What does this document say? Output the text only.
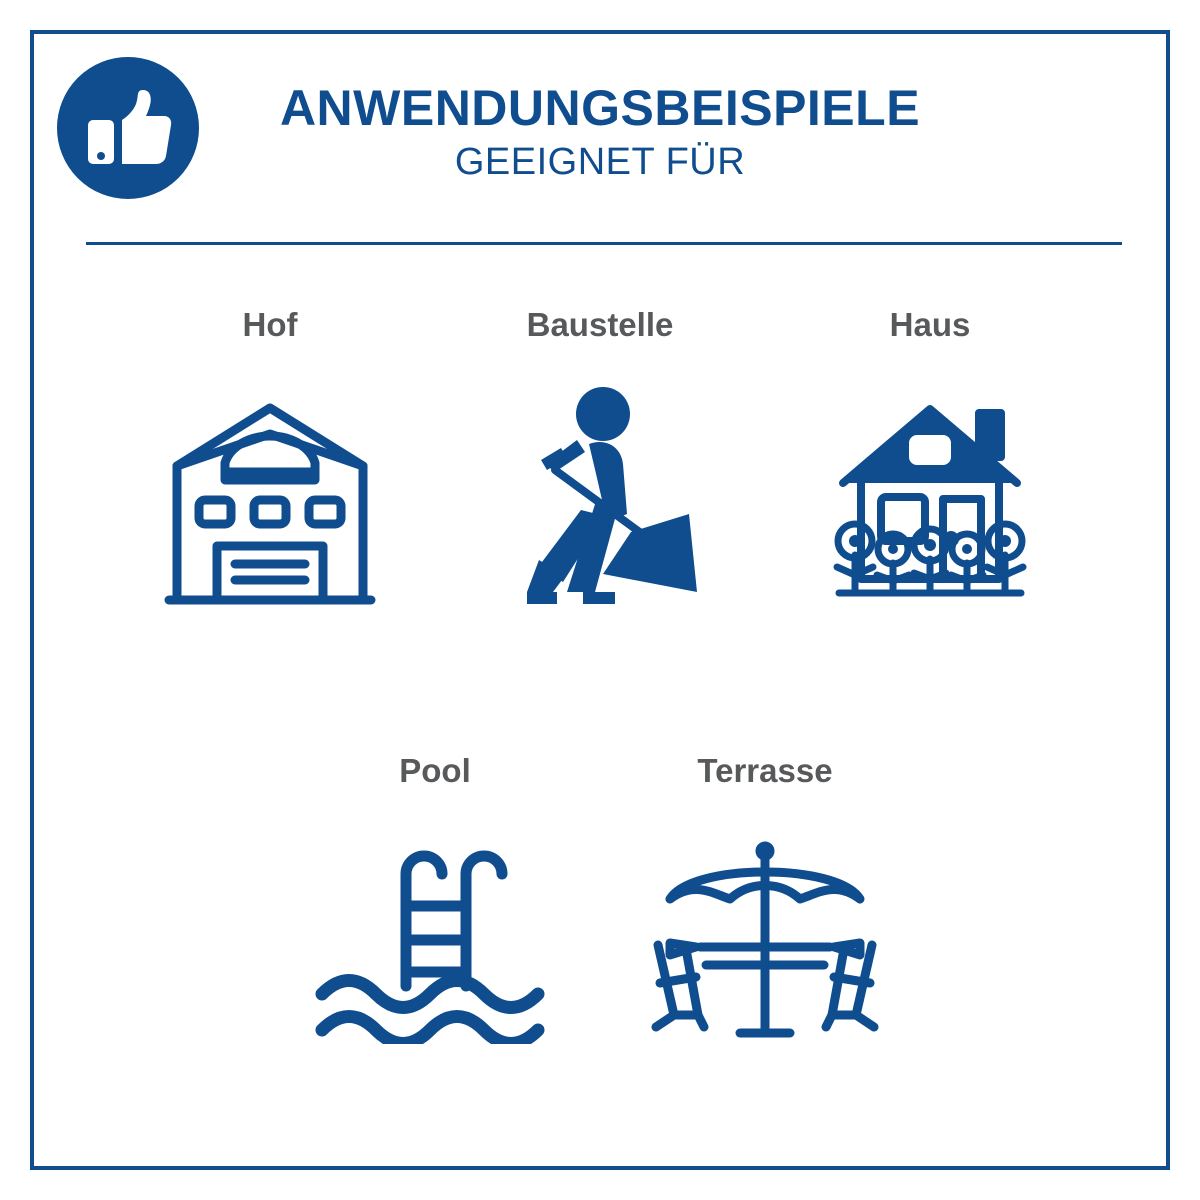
ANWENDUNGSBEISPIELE
GEEIGNET FÜR
Hof	Baustelle	Haus
Pool	Terrasse
